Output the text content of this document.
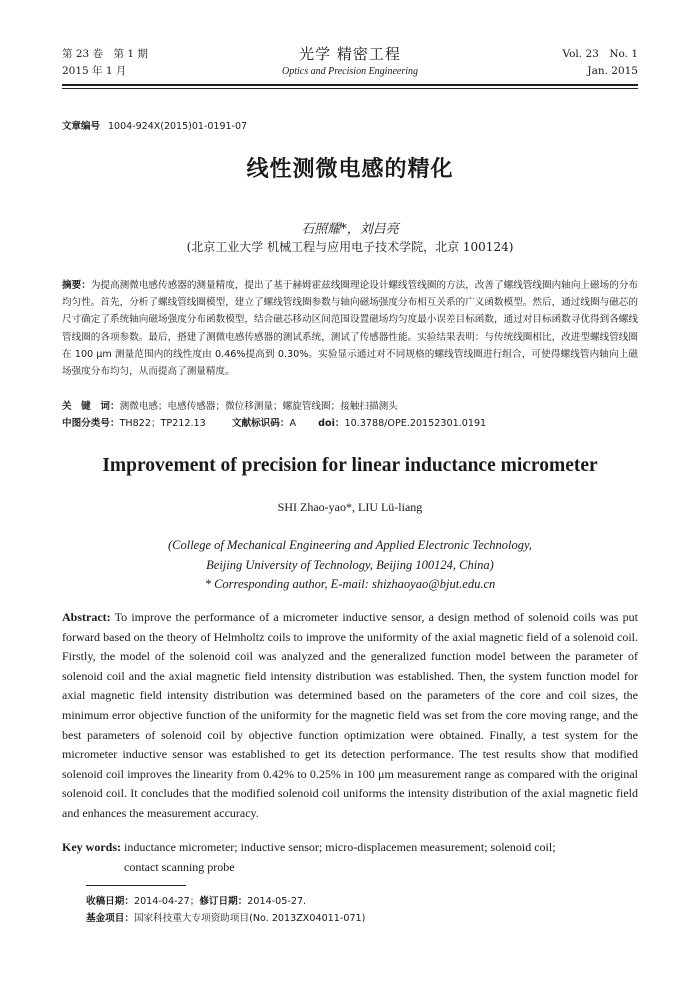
第 23 卷　第 1 期
2015 年 1 月
光学 精密工程
Optics and Precision Engineering
Vol. 23　No. 1
Jan. 2015
文章编号 1004-924X(2015)01-0191-07
线性测微电感的精化
石照耀*，刘吕亮
(北京工业大学 机械工程与应用电子技术学院，北京 100124)
摘要：为提高测微电感传感器的测量精度，提出了基于赫姆霍兹线圈理论设计螺线管线圈的方法，改善了螺线管线圈内轴向上磁场的分布均匀性。首先，分析了螺线管线圈模型，建立了螺线管线圈参数与轴向磁场强度分布相互关系的广义函数模型。然后，通过线圈与磁芯的尺寸确定了系统轴向磁场强度分布函数模型，结合磁芯移动区间范围设置磁场均匀度最小误差目标函数，通过对目标函数寻优得到各螺线管线圈的各项参数。最后，搭建了测微电感传感器的测试系统，测试了传感器性能。实验结果表明：与传统线圈相比，改进型螺线管线圈在 100 μm 测量范围内的线性度由 0.46%提高到 0.30%。实验显示通过对不同规格的螺线管线圈进行组合，可使得螺线管内轴向上磁场强度分布均匀，从而提高了测量精度。
关　键　词：测微电感；电感传感器；微位移测量；螺旋管线圈；接触扫描测头
中图分类号：TH822；TP212.13	文献标识码：A doi：10.3788/OPE.20152301.0191
Improvement of precision for linear inductance micrometer
SHI Zhao-yao*, LIU Lü-liang
(College of Mechanical Engineering and Applied Electronic Technology,
Beijing University of Technology, Beijing 100124, China)
* Corresponding author, E-mail: shizhaoyao@bjut.edu.cn
Abstract: To improve the performance of a micrometer inductive sensor, a design method of solenoid coils was put forward based on the theory of Helmholtz coils to improve the uniformity of the axial magnetic field of a solenoid coil. Firstly, the model of the solenoid coil was analyzed and the generalized function model between the parameter of solenoid coil and the axial magnetic field intensity distribution was established. Then, the system function model for axial magnetic field intensity distribution was determined based on the parameters of the core and coil sizes, the minimum error objective function of the uniformity for the magnetic field was set from the core moving range, and the best parameters of solenoid coil by objective function optimization were obtained. Finally, a test system for the micrometer inductive sensor was established to get its detection performance. The test results show that modified solenoid coil improves the linearity from 0.42% to 0.25% in 100 μm measurement range as compared with the original solenoid coil. It concludes that the modified solenoid coil uniforms the intensity distribution of the axial magnetic field and enhances the measurement accuracy.
Key words: inductance micrometer; inductive sensor; micro-displacemen measurement; solenoid coil;
contact scanning probe
收稿日期：2014-04-27；修订日期：2014-05-27.
基金项目：国家科技重大专项资助项目(No. 2013ZX04011-071)
